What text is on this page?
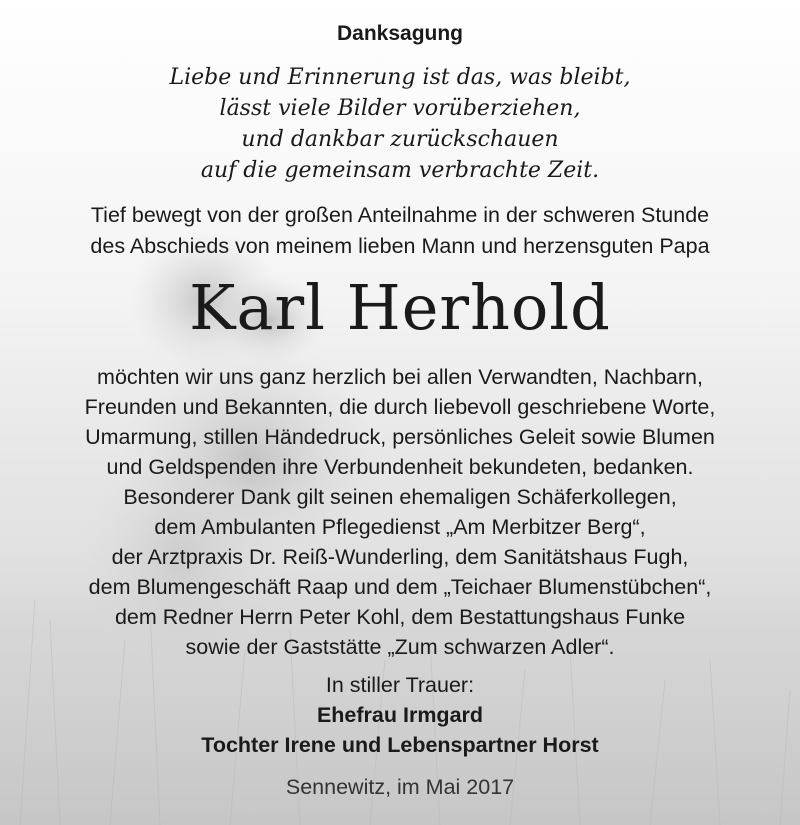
Danksagung
Liebe und Erinnerung ist das, was bleibt,
lässt viele Bilder vorüberziehen,
und dankbar zurückschauen
auf die gemeinsam verbrachte Zeit.
Tief bewegt von der großen Anteilnahme in der schweren Stunde
des Abschieds von meinem lieben Mann und herzensguten Papa
Karl Herhold
möchten wir uns ganz herzlich bei allen Verwandten, Nachbarn,
Freunden und Bekannten, die durch liebevoll geschriebene Worte,
Umarmung, stillen Händedruck, persönliches Geleit sowie Blumen
und Geldspenden ihre Verbundenheit bekundeten, bedanken.
Besonderer Dank gilt seinen ehemaligen Schäferkollegen,
dem Ambulanten Pflegedienst „Am Merbitzer Berg“,
der Arztpraxis Dr. Reiß-Wunderling, dem Sanitätshaus Fugh,
dem Blumengeschäft Raap und dem „Teichaer Blumenstübchen“,
dem Redner Herrn Peter Kohl, dem Bestattungshaus Funke
sowie der Gaststätte „Zum schwarzen Adler“.
In stiller Trauer:
Ehefrau Irmgard
Tochter Irene und Lebenspartner Horst
Sennewitz, im Mai 2017
